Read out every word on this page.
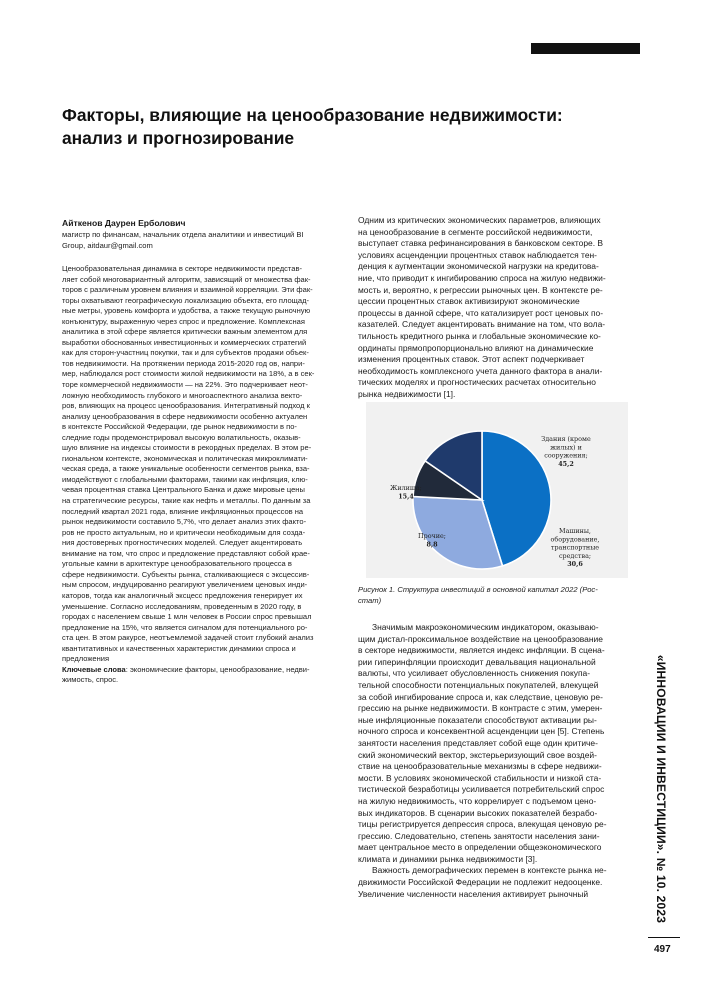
Факторы, влияющие на ценообразование недвижимости:
анализ и прогнозирование
Айткенов Даурен Ерболович
магистр по финансам, начальник отдела аналитики и инвестиций BI
Group, aitdaur@gmail.com
Ценообразовательная динамика в секторе недвижимости представ-
ляет собой многовариантный алгоритм, зависящий от множества фак-
торов с различным уровнем влияния и взаимной корреляции. Эти фак-
торы охватывают географическую локализацию объекта, его площад-
ные метры, уровень комфорта и удобства, а также текущую рыночную
конъюнктуру, выраженную через спрос и предложение. Комплексная
аналитика в этой сфере является критически важным элементом для
выработки обоснованных инвестиционных и коммерческих стратегий
как для сторон-участниц покупки, так и для субъектов продажи объек-
тов недвижимости. На протяжении периода 2015-2020 год ов, напри-
мер, наблюдался рост стоимости жилой недвижимости на 18%, а в сек-
торе коммерческой недвижимости — на 22%. Это подчеркивает неот-
ложную необходимость глубокого и многоаспектного анализа векто-
ров, влияющих на процесс ценообразования. Интегративный подход к
анализу ценообразования в сфере недвижимости особенно актуален
в контексте Российской Федерации, где рынок недвижимости в по-
следние годы продемонстрировал высокую волатильность, оказыв-
шую влияние на индексы стоимости в рекордных пределах. В этом ре-
гиональном контексте, экономическая и политическая микроклимати-
ческая среда, а также уникальные особенности сегментов рынка, вза-
имодействуют с глобальными факторами, такими как инфляция, клю-
чевая процентная ставка Центрального Банка и даже мировые цены
на стратегические ресурсы, такие как нефть и металлы. По данным за
последний квартал 2021 года, влияние инфляционных процессов на
рынок недвижимости составило 5,7%, что делает анализ этих факто-
ров не просто актуальным, но и критически необходимым для созда-
ния достоверных прогностических моделей. Следует акцентировать
внимание на том, что спрос и предложение представляют собой крае-
угольные камни в архитектуре ценообразовательного процесса в
сфере недвижимости. Субъекты рынка, сталкивающиеся с эксцессив-
ным спросом, индуцированно реагируют увеличением ценовых инди-
каторов, тогда как аналогичный эксцесс предложения генерирует их
уменьшение. Согласно исследованиям, проведенным в 2020 году, в
городах с населением свыше 1 млн человек в России спрос превышал
предложение на 15%, что является сигналом для потенциального ро-
ста цен. В этом ракурсе, неотъемлемой задачей стоит глубокий анализ
квантитативных и качественных характеристик динамики спроса и
предложения
Ключевые слова: экономические факторы, ценообразование, недви-
жимость, спрос.
Одним из критических экономических параметров, влияющих
на ценообразование в сегменте российской недвижимости,
выступает ставка рефинансирования в банковском секторе. В
условиях асценденции процентных ставок наблюдается тен-
денция к аугментации экономической нагрузки на кредитова-
ние, что приводит к ингибированию спроса на жилую недвижи-
мость и, вероятно, к регрессии рыночных цен. В контексте ре-
цессии процентных ставок активизируют экономические
процессы в данной сфере, что катализирует рост ценовых по-
казателей. Следует акцентировать внимание на том, что вола-
тильность кредитного рынка и глобальные экономические ко-
ординаты прямопропорционально влияют на динамические
изменения процентных ставок. Этот аспект подчеркивает
необходимость комплексного учета данного фактора в анали-
тических моделях и прогностических расчетах относительно
рынка недвижимости [1].
Здания (кроме жилых) и сооружения; 45,2
Машины, оборудование, транспортные средства; 30,6
Прочие; 8,8
Жилища; 15,4
Рисунок 1. Структура инвестиций в основной капитал 2022 (Рос-
стат)
Значимым макроэкономическим индикатором, оказываю-
щим дистал-проксимальное воздействие на ценообразование
в секторе недвижимости, является индекс инфляции. В сцена-
рии гиперинфляции происходит девальвация национальной
валюты, что усиливает обусловленность снижения покупа-
тельной способности потенциальных покупателей, влекущей
за собой ингибирование спроса и, как следствие, ценовую ре-
грессию на рынке недвижимости. В контрасте с этим, умерен-
ные инфляционные показатели способствуют активации ры-
ночного спроса и консеквентной асценденции цен [5]. Степень
занятости населения представляет собой еще один критиче-
ский экономический вектор, экстерьеризующий свое воздей-
ствие на ценообразовательные механизмы в сфере недвижи-
мости. В условиях экономической стабильности и низкой ста-
тистической безработицы усиливается потребительский спрос
на жилую недвижимость, что коррелирует с подъемом цено-
вых индикаторов. В сценарии высоких показателей безрабо-
тицы регистрируется депрессия спроса, влекущая ценовую ре-
грессию. Следовательно, степень занятости населения зани-
мает центральное место в определении общеэкономического
климата и динамики рынка недвижимости [3].
Важность демографических перемен в контексте рынка не-
движимости Российской Федерации не подлежит недооценке.
Увеличение численности населения активирует рыночный	«ИННОВАЦИИ И ИНВЕСТИЦИИ». № 10. 2023
497
